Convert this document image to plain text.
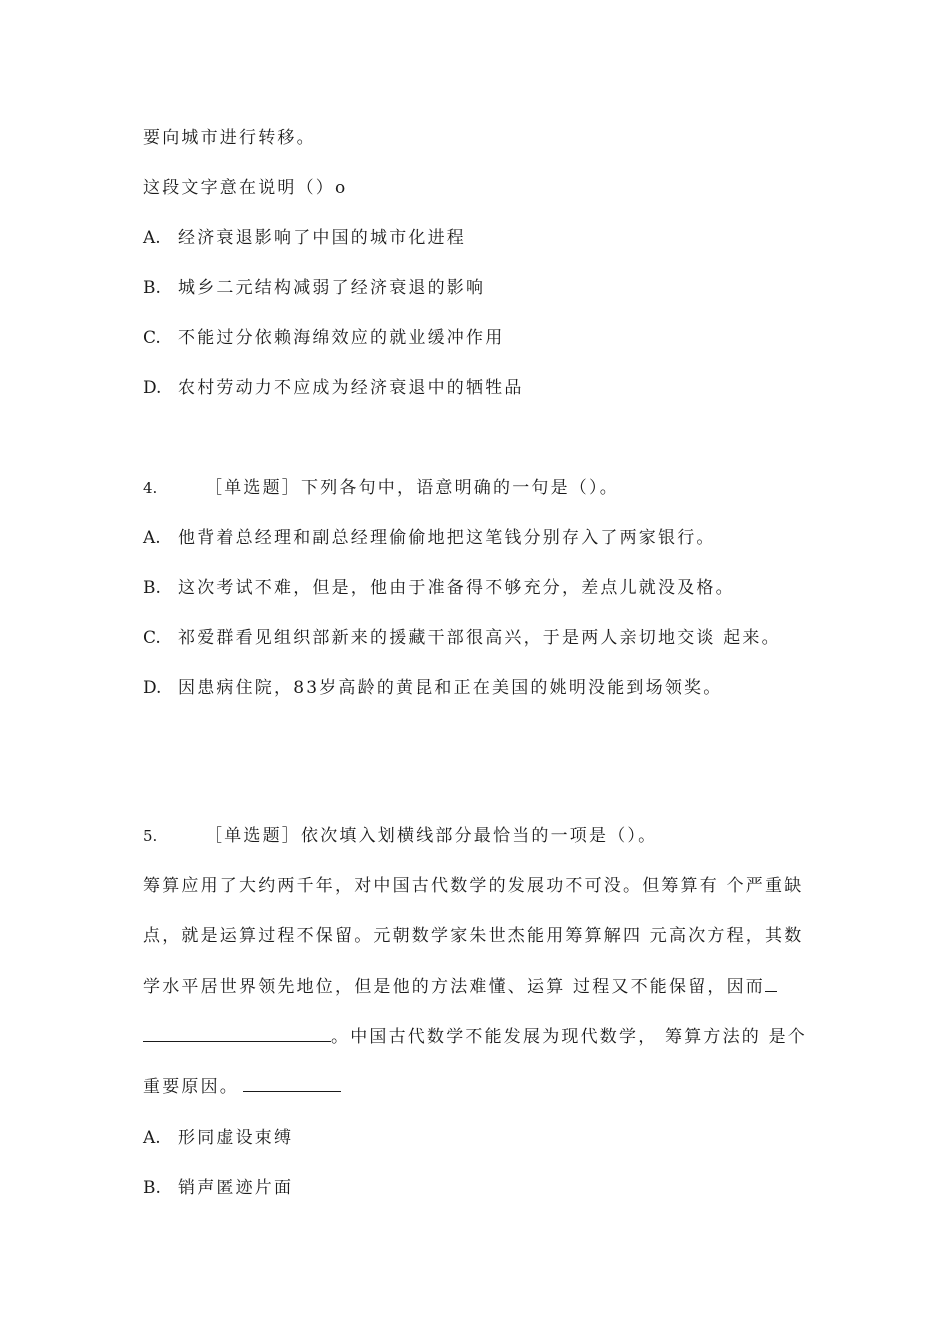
要向城市进行转移。
这段文字意在说明（）o
A. 经济衰退影响了中国的城市化进程
B. 城乡二元结构减弱了经济衰退的影响
C. 不能过分依赖海绵效应的就业缓冲作用
D. 农村劳动力不应成为经济衰退中的牺牲品
4.	［单选题］下列各句中，语意明确的一句是（）。
A. 他背着总经理和副总经理偷偷地把这笔钱分别存入了两家银行。
B. 这次考试不难，但是，他由于准备得不够充分，差点儿就没及格。
C. 祁爱群看见组织部新来的援藏干部很高兴，于是两人亲切地交谈 起来。
D. 因患病住院，83岁高龄的黄昆和正在美国的姚明没能到场领奖。
5.	［单选题］依次填入划横线部分最恰当的一项是（）。
筹算应用了大约两千年，对中国古代数学的发展功不可没。但筹算有 个严重缺
点，就是运算过程不保留。元朝数学家朱世杰能用筹算解四 元高次方程，其数
学水平居世界领先地位，但是他的方法难懂、运算 过程又不能保留，因而
。中国古代数学不能发展为现代数学， 筹算方法的 是个
重要原因。
A. 形同虚设束缚
B. 销声匿迹片面
